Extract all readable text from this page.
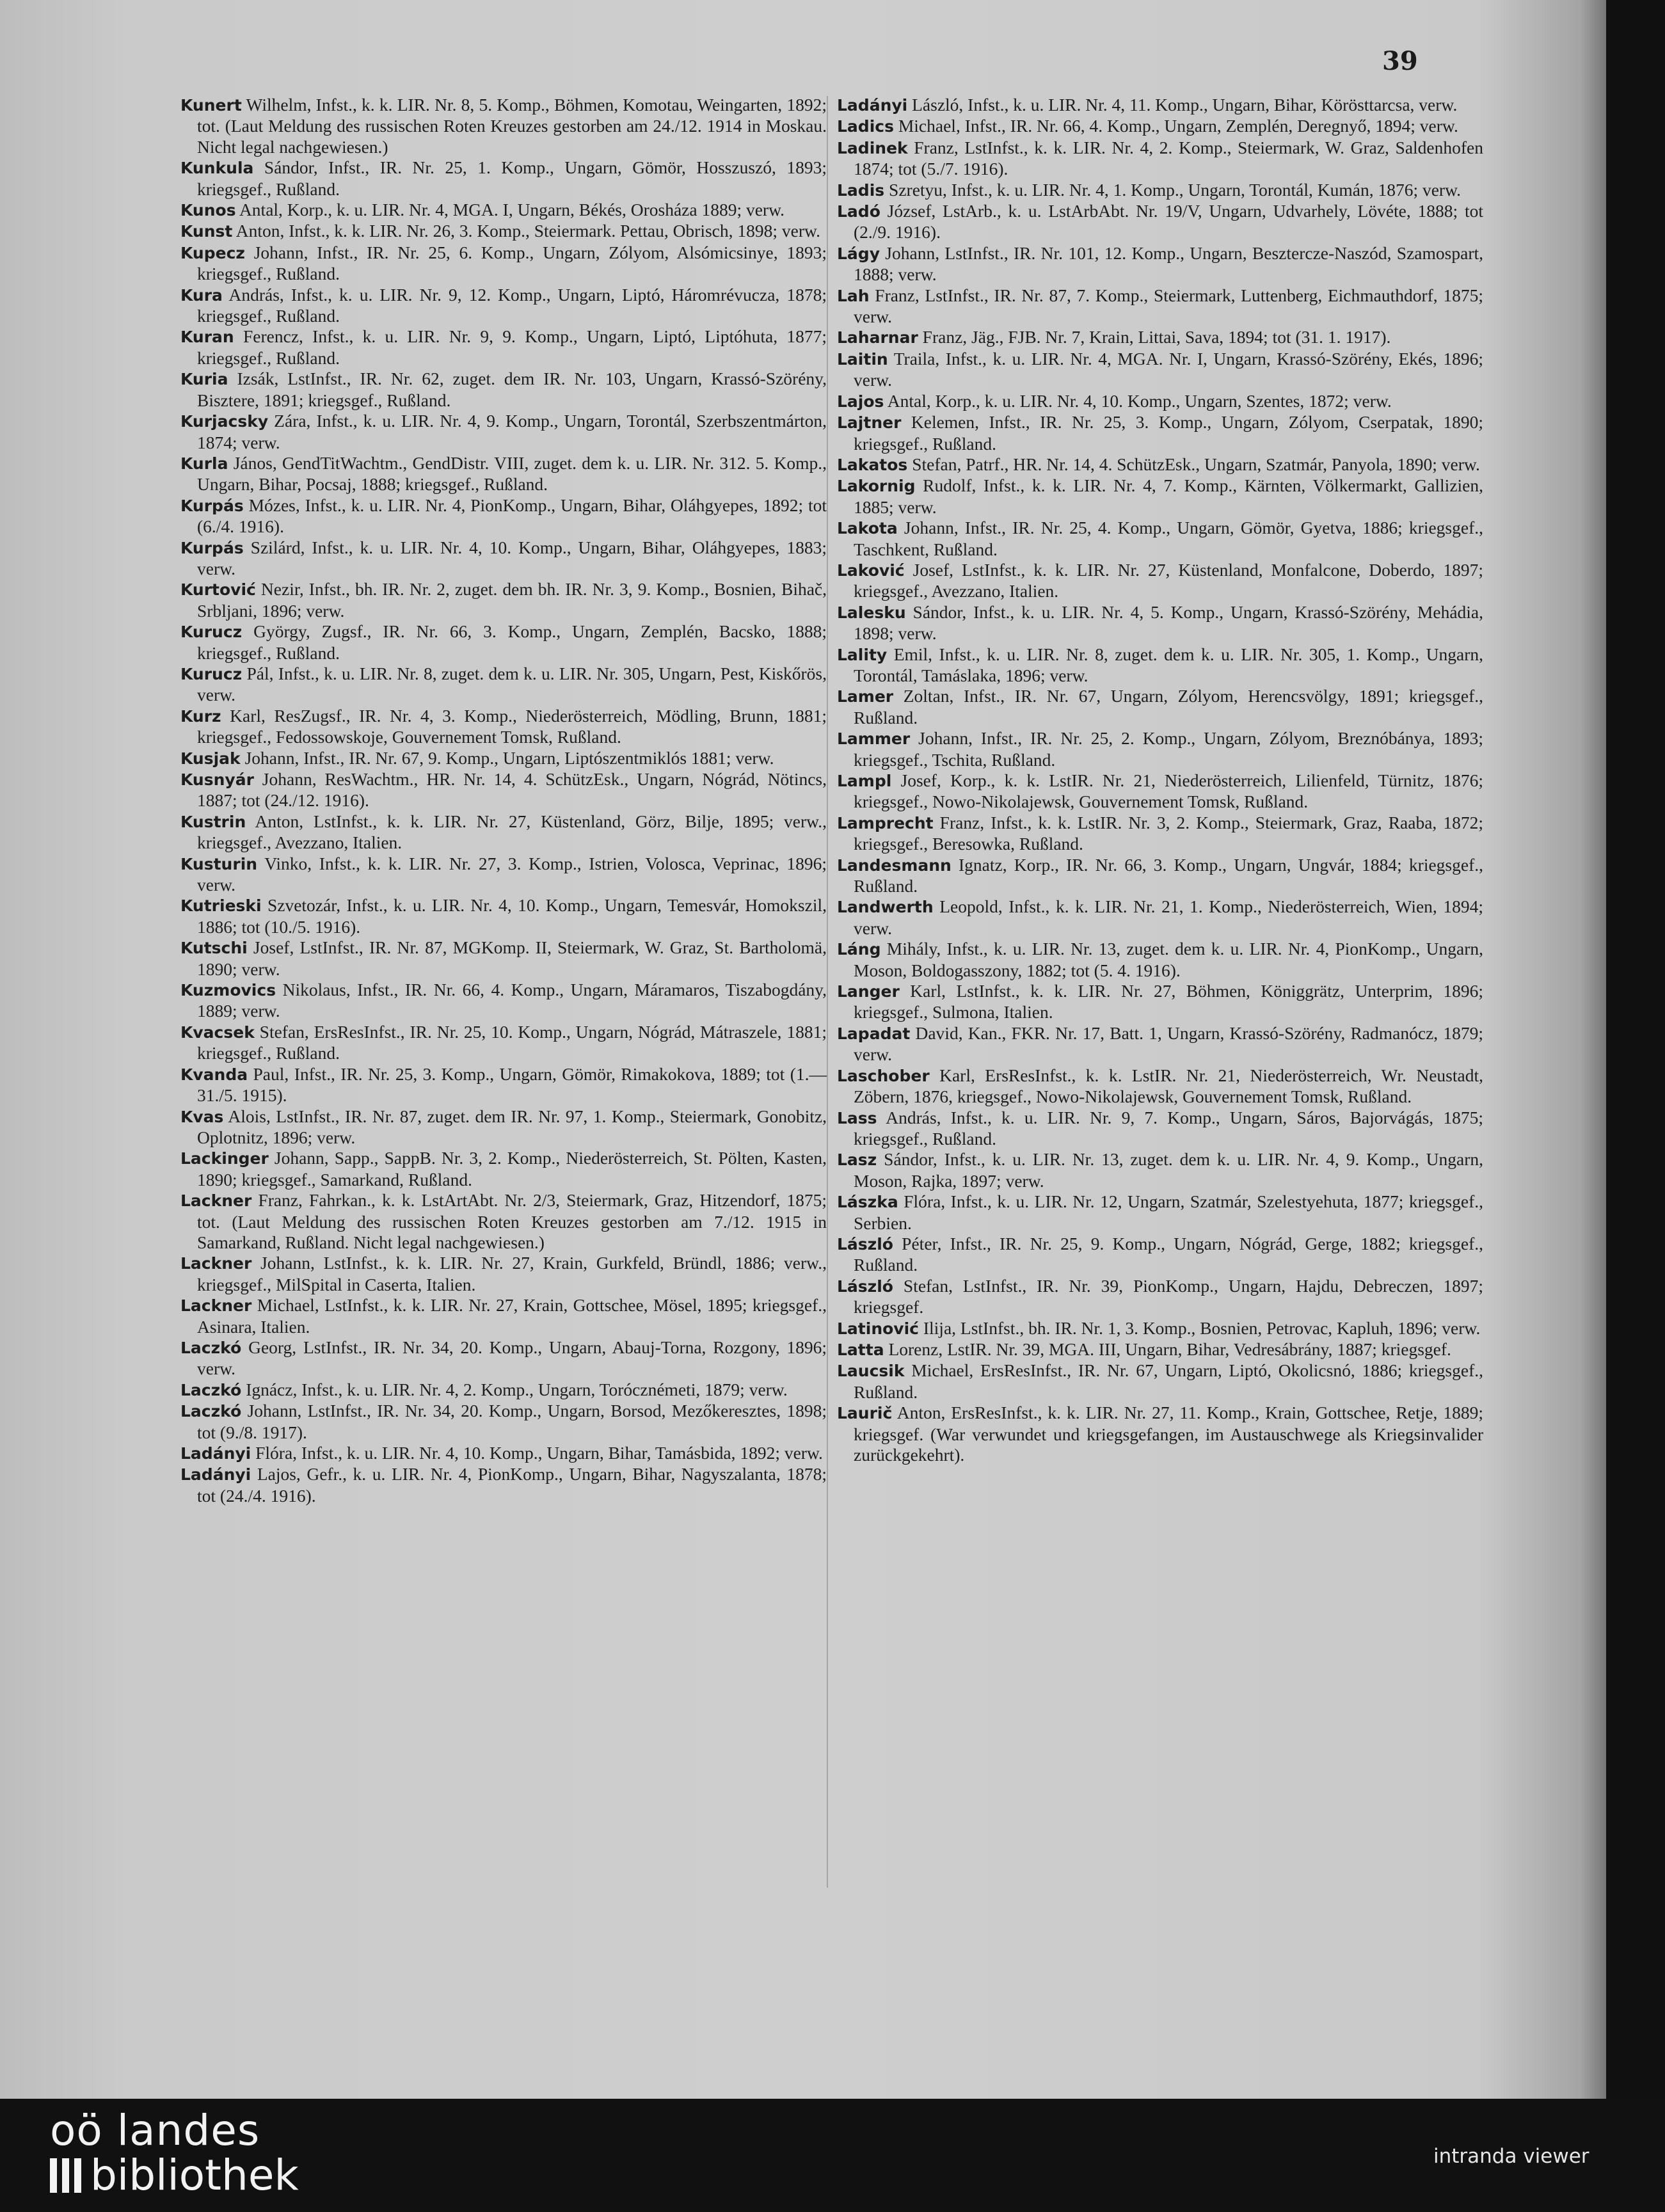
39

Kunert Wilhelm, Infst., k. k. LIR. Nr. 8, 5. Komp., Böhmen, Komotau, Weingarten, 1892; tot. (Laut Meldung des russischen Roten Kreuzes gestorben am 24./12. 1914 in Moskau. Nicht legal nachgewiesen.)

Kunkula Sándor, Infst., IR. Nr. 25, 1. Komp., Ungarn, Gömör, Hosszuszó, 1893; kriegsgef., Rußland.

Kunos Antal, Korp., k. u. LIR. Nr. 4, MGA. I, Ungarn, Békés, Orosháza 1889; verw.

Kunst Anton, Infst., k. k. LIR. Nr. 26, 3. Komp., Steiermark. Pettau, Obrisch, 1898; verw.

Kupecz Johann, Infst., IR. Nr. 25, 6. Komp., Ungarn, Zólyom, Alsómicsinye, 1893; kriegsgef., Rußland.

Kura András, Infst., k. u. LIR. Nr. 9, 12. Komp., Ungarn, Liptó, Háromrévucza, 1878; kriegsgef., Rußland.

Kuran Ferencz, Infst., k. u. LIR. Nr. 9, 9. Komp., Ungarn, Liptó, Liptóhuta, 1877; kriegsgef., Rußland.

Kuria Izsák, LstInfst., IR. Nr. 62, zuget. dem IR. Nr. 103, Ungarn, Krassó-Szörény, Bisztere, 1891; kriegsgef., Rußland.

Kurjacsky Zára, Infst., k. u. LIR. Nr. 4, 9. Komp., Ungarn, Torontál, Szerbszentmárton, 1874; verw.

Kurla János, GendTitWachtm., GendDistr. VIII, zuget. dem k. u. LIR. Nr. 312. 5. Komp., Ungarn, Bihar, Pocsaj, 1888; kriegsgef., Rußland.

Kurpás Mózes, Infst., k. u. LIR. Nr. 4, PionKomp., Ungarn, Bihar, Oláhgyepes, 1892; tot (6./4. 1916).

Kurpás Szilárd, Infst., k. u. LIR. Nr. 4, 10. Komp., Ungarn, Bihar, Oláhgyepes, 1883; verw.

Kurtović Nezir, Infst., bh. IR. Nr. 2, zuget. dem bh. IR. Nr. 3, 9. Komp., Bosnien, Bihač, Srbljani, 1896; verw.

Kurucz György, Zugsf., IR. Nr. 66, 3. Komp., Ungarn, Zemplén, Bacsko, 1888; kriegsgef., Rußland.

Kurucz Pál, Infst., k. u. LIR. Nr. 8, zuget. dem k. u. LIR. Nr. 305, Ungarn, Pest, Kiskőrös, verw.

Kurz Karl, ResZugsf., IR. Nr. 4, 3. Komp., Niederösterreich, Mödling, Brunn, 1881; kriegsgef., Fedossowskoje, Gouvernement Tomsk, Rußland.

Kusjak Johann, Infst., IR. Nr. 67, 9. Komp., Ungarn, Liptószentmiklós 1881; verw.

Kusnyár Johann, ResWachtm., HR. Nr. 14, 4. SchützEsk., Ungarn, Nógrád, Nötincs, 1887; tot (24./12. 1916).

Kustrin Anton, LstInfst., k. k. LIR. Nr. 27, Küstenland, Görz, Bilje, 1895; verw., kriegsgef., Avezzano, Italien.

Kusturin Vinko, Infst., k. k. LIR. Nr. 27, 3. Komp., Istrien, Volosca, Veprinac, 1896; verw.

Kutrieski Szvetozár, Infst., k. u. LIR. Nr. 4, 10. Komp., Ungarn, Temesvár, Homokszil, 1886; tot (10./5. 1916).

Kutschi Josef, LstInfst., IR. Nr. 87, MGKomp. II, Steiermark, W. Graz, St. Bartholomä, 1890; verw.

Kuzmovics Nikolaus, Infst., IR. Nr. 66, 4. Komp., Ungarn, Máramaros, Tiszabogdány, 1889; verw.

Kvacsek Stefan, ErsResInfst., IR. Nr. 25, 10. Komp., Ungarn, Nógrád, Mátraszele, 1881; kriegsgef., Rußland.

Kvanda Paul, Infst., IR. Nr. 25, 3. Komp., Ungarn, Gömör, Rimakokova, 1889; tot (1.—31./5. 1915).

Kvas Alois, LstInfst., IR. Nr. 87, zuget. dem IR. Nr. 97, 1. Komp., Steiermark, Gonobitz, Oplotnitz, 1896; verw.

Lackinger Johann, Sapp., SappB. Nr. 3, 2. Komp., Niederösterreich, St. Pölten, Kasten, 1890; kriegsgef., Samarkand, Rußland.

Lackner Franz, Fahrkan., k. k. LstArtAbt. Nr. 2/3, Steiermark, Graz, Hitzendorf, 1875; tot. (Laut Meldung des russischen Roten Kreuzes gestorben am 7./12. 1915 in Samarkand, Rußland. Nicht legal nachgewiesen.)

Lackner Johann, LstInfst., k. k. LIR. Nr. 27, Krain, Gurkfeld, Bründl, 1886; verw., kriegsgef., MilSpital in Caserta, Italien.

Lackner Michael, LstInfst., k. k. LIR. Nr. 27, Krain, Gottschee, Mösel, 1895; kriegsgef., Asinara, Italien.

Laczkó Georg, LstInfst., IR. Nr. 34, 20. Komp., Ungarn, Abauj-Torna, Rozgony, 1896; verw.

Laczkó Ignácz, Infst., k. u. LIR. Nr. 4, 2. Komp., Ungarn, Torócznémeti, 1879; verw.

Laczkó Johann, LstInfst., IR. Nr. 34, 20. Komp., Ungarn, Borsod, Mezőkeresztes, 1898; tot (9./8. 1917).

Ladányi Flóra, Infst., k. u. LIR. Nr. 4, 10. Komp., Ungarn, Bihar, Tamásbida, 1892; verw.

Ladányi Lajos, Gefr., k. u. LIR. Nr. 4, PionKomp., Ungarn, Bihar, Nagyszalanta, 1878; tot (24./4. 1916).

Ladányi László, Infst., k. u. LIR. Nr. 4, 11. Komp., Ungarn, Bihar, Körösttarcsa, verw.

Ladics Michael, Infst., IR. Nr. 66, 4. Komp., Ungarn, Zemplén, Deregnyő, 1894; verw.

Ladinek Franz, LstInfst., k. k. LIR. Nr. 4, 2. Komp., Steiermark, W. Graz, Saldenhofen 1874; tot (5./7. 1916).

Ladis Szretyu, Infst., k. u. LIR. Nr. 4, 1. Komp., Ungarn, Torontál, Kumán, 1876; verw.

Ladó József, LstArb., k. u. LstArbAbt. Nr. 19/V, Ungarn, Udvarhely, Lövéte, 1888; tot (2./9. 1916).

Lágy Johann, LstInfst., IR. Nr. 101, 12. Komp., Ungarn, Besztercze-Naszód, Szamospart, 1888; verw.

Lah Franz, LstInfst., IR. Nr. 87, 7. Komp., Steiermark, Luttenberg, Eichmauthdorf, 1875; verw.

Laharnar Franz, Jäg., FJB. Nr. 7, Krain, Littai, Sava, 1894; tot (31. 1. 1917).

Laitin Traila, Infst., k. u. LIR. Nr. 4, MGA. Nr. I, Ungarn, Krassó-Szörény, Ekés, 1896; verw.

Lajos Antal, Korp., k. u. LIR. Nr. 4, 10. Komp., Ungarn, Szentes, 1872; verw.

Lajtner Kelemen, Infst., IR. Nr. 25, 3. Komp., Ungarn, Zólyom, Cserpatak, 1890; kriegsgef., Rußland.

Lakatos Stefan, Patrf., HR. Nr. 14, 4. SchützEsk., Ungarn, Szatmár, Panyola, 1890; verw.

Lakornig Rudolf, Infst., k. k. LIR. Nr. 4, 7. Komp., Kärnten, Völkermarkt, Gallizien, 1885; verw.

Lakota Johann, Infst., IR. Nr. 25, 4. Komp., Ungarn, Gömör, Gyetva, 1886; kriegsgef., Taschkent, Rußland.

Laković Josef, LstInfst., k. k. LIR. Nr. 27, Küstenland, Monfalcone, Doberdo, 1897; kriegsgef., Avezzano, Italien.

Lalesku Sándor, Infst., k. u. LIR. Nr. 4, 5. Komp., Ungarn, Krassó-Szörény, Mehádia, 1898; verw.

Lality Emil, Infst., k. u. LIR. Nr. 8, zuget. dem k. u. LIR. Nr. 305, 1. Komp., Ungarn, Torontál, Tamáslaka, 1896; verw.

Lamer Zoltan, Infst., IR. Nr. 67, Ungarn, Zólyom, Herencsvölgy, 1891; kriegsgef., Rußland.

Lammer Johann, Infst., IR. Nr. 25, 2. Komp., Ungarn, Zólyom, Breznóbánya, 1893; kriegsgef., Tschita, Rußland.

Lampl Josef, Korp., k. k. LstIR. Nr. 21, Niederösterreich, Lilienfeld, Türnitz, 1876; kriegsgef., Nowo-Nikolajewsk, Gouvernement Tomsk, Rußland.

Lamprecht Franz, Infst., k. k. LstIR. Nr. 3, 2. Komp., Steiermark, Graz, Raaba, 1872; kriegsgef., Beresowka, Rußland.

Landesmann Ignatz, Korp., IR. Nr. 66, 3. Komp., Ungarn, Ungvár, 1884; kriegsgef., Rußland.

Landwerth Leopold, Infst., k. k. LIR. Nr. 21, 1. Komp., Niederösterreich, Wien, 1894; verw.

Láng Mihály, Infst., k. u. LIR. Nr. 13, zuget. dem k. u. LIR. Nr. 4, PionKomp., Ungarn, Moson, Boldogasszony, 1882; tot (5. 4. 1916).

Langer Karl, LstInfst., k. k. LIR. Nr. 27, Böhmen, Königgrätz, Unterprim, 1896; kriegsgef., Sulmona, Italien.

Lapadat David, Kan., FKR. Nr. 17, Batt. 1, Ungarn, Krassó-Szörény, Radmanócz, 1879; verw.

Laschober Karl, ErsResInfst., k. k. LstIR. Nr. 21, Niederösterreich, Wr. Neustadt, Zöbern, 1876, kriegsgef., Nowo-Nikolajewsk, Gouvernement Tomsk, Rußland.

Lass András, Infst., k. u. LIR. Nr. 9, 7. Komp., Ungarn, Sáros, Bajorvágás, 1875; kriegsgef., Rußland.

Lasz Sándor, Infst., k. u. LIR. Nr. 13, zuget. dem k. u. LIR. Nr. 4, 9. Komp., Ungarn, Moson, Rajka, 1897; verw.

Lászka Flóra, Infst., k. u. LIR. Nr. 12, Ungarn, Szatmár, Szelestyehuta, 1877; kriegsgef., Serbien.

László Péter, Infst., IR. Nr. 25, 9. Komp., Ungarn, Nógrád, Gerge, 1882; kriegsgef., Rußland.

László Stefan, LstInfst., IR. Nr. 39, PionKomp., Ungarn, Hajdu, Debreczen, 1897; kriegsgef.

Latinović Ilija, LstInfst., bh. IR. Nr. 1, 3. Komp., Bosnien, Petrovac, Kapluh, 1896; verw.

Latta Lorenz, LstIR. Nr. 39, MGA. III, Ungarn, Bihar, Vedresábrány, 1887; kriegsgef.

Laucsik Michael, ErsResInfst., IR. Nr. 67, Ungarn, Liptó, Okolicsnó, 1886; kriegsgef., Rußland.

Laurič Anton, ErsResInfst., k. k. LIR. Nr. 27, 11. Komp., Krain, Gottschee, Retje, 1889; kriegsgef. (War verwundet und kriegsgefangen, im Austauschwege als Kriegsinvalider zurückgekehrt).

oö landes
bibliothek	intranda viewer
